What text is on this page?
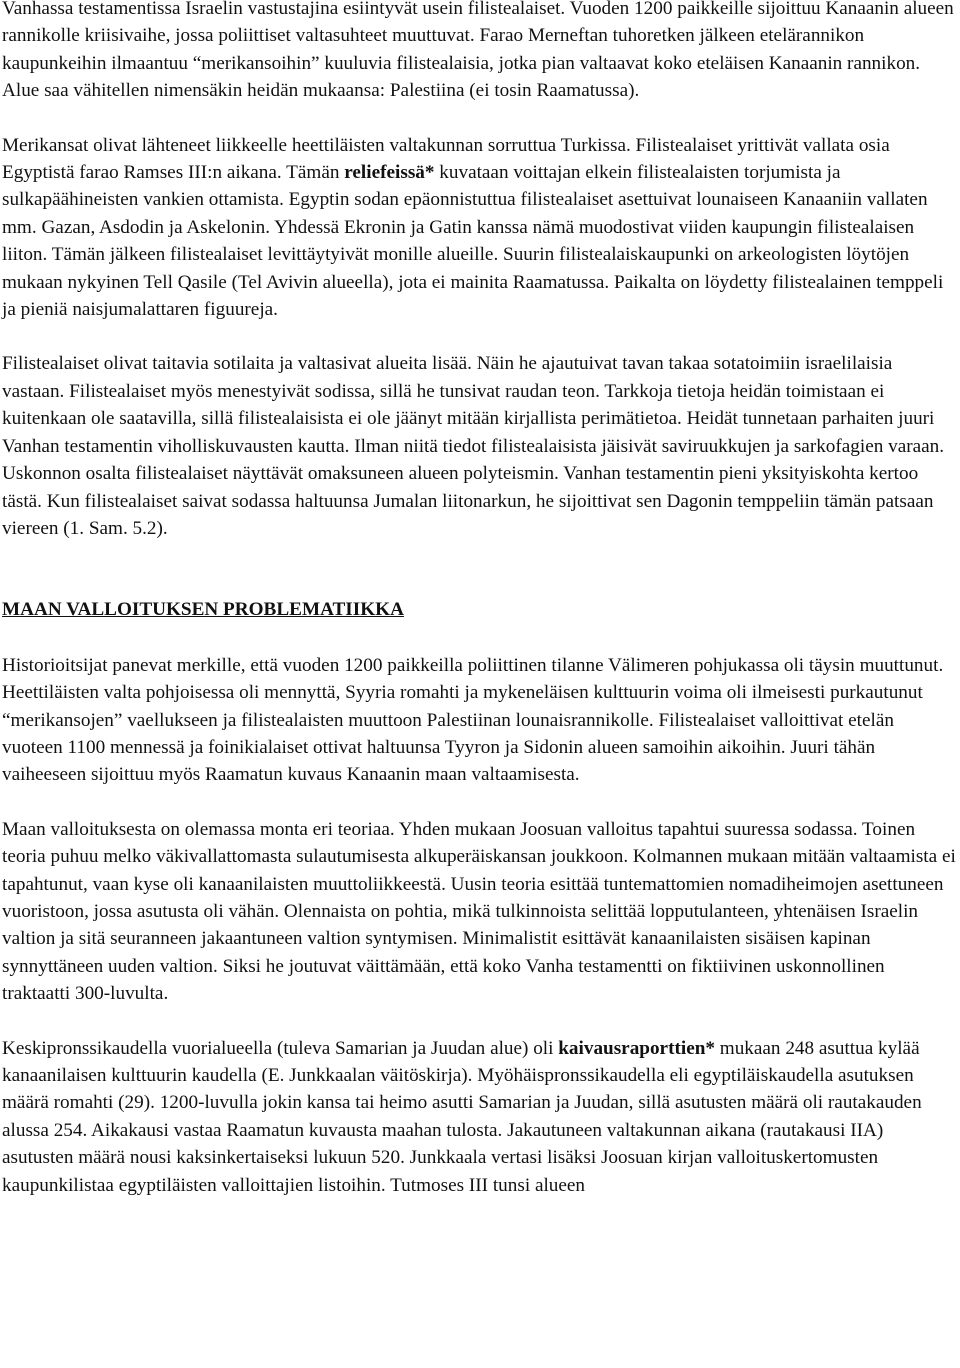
Vanhassa testamentissa Israelin vastustajina esiintyvät usein filistealaiset. Vuoden 1200 paikkeille sijoittuu Kanaanin alueen rannikolle kriisivaihe, jossa poliittiset valtasuhteet muuttuvat. Farao Merneftan tuhoretken jälkeen etelärannikon kaupunkeihin ilmaantuu “merikansoihin” kuuluvia filistealaisia, jotka pian valtaavat koko eteläisen Kanaanin rannikon. Alue saa vähitellen nimensäkin heidän mukaansa: Palestiina (ei tosin Raamatussa).

Merikansat olivat lähteneet liikkeelle heettiläisten valtakunnan sorruttua Turkissa. Filistealaiset yrittivät vallata osia Egyptistä farao Ramses III:n aikana. Tämän reliefeissä* kuvataan voittajan elkein filistealaisten torjumista ja sulkapäähineisten vankien ottamista. Egyptin sodan epäonnistuttua filistealaiset asettuivat lounaiseen Kanaaniin vallaten mm. Gazan, Asdodin ja Askelonin. Yhdessä Ekronin ja Gatin kanssa nämä muodostivat viiden kaupungin filistealaisen liiton. Tämän jälkeen filistealaiset levittäytyivät monille alueille. Suurin filistealaiskaupunki on arkeologisten löytöjen mukaan nykyinen Tell Qasile (Tel Avivin alueella), jota ei mainita Raamatussa. Paikalta on löydetty filistealainen temppeli ja pieniä naisjumalattaren figuureja.

Filistealaiset olivat taitavia sotilaita ja valtasivat alueita lisää. Näin he ajautuivat tavan takaa sotatoimiin israelilaisia vastaan. Filistealaiset myös menestyivät sodissa, sillä he tunsivat raudan teon. Tarkkoja tietoja heidän toimistaan ei kuitenkaan ole saatavilla, sillä filistealaisista ei ole jäänyt mitään kirjallista perimätietoa. Heidät tunnetaan parhaiten juuri Vanhan testamentin viholliskuvausten kautta. Ilman niitä tiedot filistealaisista jäisivät saviruukkujen ja sarkofagien varaan. Uskonnon osalta filistealaiset näyttävät omaksuneen alueen polyteismin. Vanhan testamentin pieni yksityiskohta kertoo tästä. Kun filistealaiset saivat sodassa haltuunsa Jumalan liitonarkun, he sijoittivat sen Dagonin temppeliin tämän patsaan viereen (1. Sam. 5.2).

MAAN VALLOITUKSEN PROBLEMATIIKKA

Historioitsijat panevat merkille, että vuoden 1200 paikkeilla poliittinen tilanne Välimeren pohjukassa oli täysin muuttunut. Heettiläisten valta pohjoisessa oli mennyttä, Syyria romahti ja mykeneläisen kulttuurin voima oli ilmeisesti purkautunut “merikansojen” vaellukseen ja filistealaisten muuttoon Palestiinan lounaisrannikolle. Filistealaiset valloittivat etelän vuoteen 1100 mennessä ja foinikialaiset ottivat haltuunsa Tyyron ja Sidonin alueen samoihin aikoihin. Juuri tähän vaiheeseen sijoittuu myös Raamatun kuvaus Kanaanin maan valtaamisesta.

Maan valloituksesta on olemassa monta eri teoriaa. Yhden mukaan Joosuan valloitus tapahtui suuressa sodassa. Toinen teoria puhuu melko väkivallattomasta sulautumisesta alkuperäiskansan joukkoon. Kolmannen mukaan mitään valtaamista ei tapahtunut, vaan kyse oli kanaanilaisten muuttoliikkeestä. Uusin teoria esittää tuntemattomien nomadiheimojen asettuneen vuoristoon, jossa asutusta oli vähän. Olennaista on pohtia, mikä tulkinnoista selittää lopputulanteen, yhtenäisen Israelin valtion ja sitä seuranneen jakaantuneen valtion syntymisen. Minimalistit esittävät kanaanilaisten sisäisen kapinan synnyttäneen uuden valtion. Siksi he joutuvat väittämään, että koko Vanha testamentti on fiktiivinen uskonnollinen traktaatti 300-luvulta.

Keskipronssikaudella vuorialueella (tuleva Samarian ja Juudan alue) oli kaivausraporttien* mukaan 248 asuttua kylää kanaanilaisen kulttuurin kaudella (E. Junkkaalan väitöskirja). Myöhäispronssikaudella eli egyptiläiskaudella asutuksen määrä romahti (29). 1200-luvulla jokin kansa tai heimo asutti Samarian ja Juudan, sillä asutusten määrä oli rautakauden alussa 254. Aikakausi vastaa Raamatun kuvausta maahan tulosta. Jakautuneen valtakunnan aikana (rautakausi IIA) asutusten määrä nousi kaksinkertaiseksi lukuun 520. Junkkaala vertasi lisäksi Joosuan kirjan valloituskertomusten kaupunkilistaa egyptiläisten valloittajien listoihin. Tutmoses III tunsi alueen
